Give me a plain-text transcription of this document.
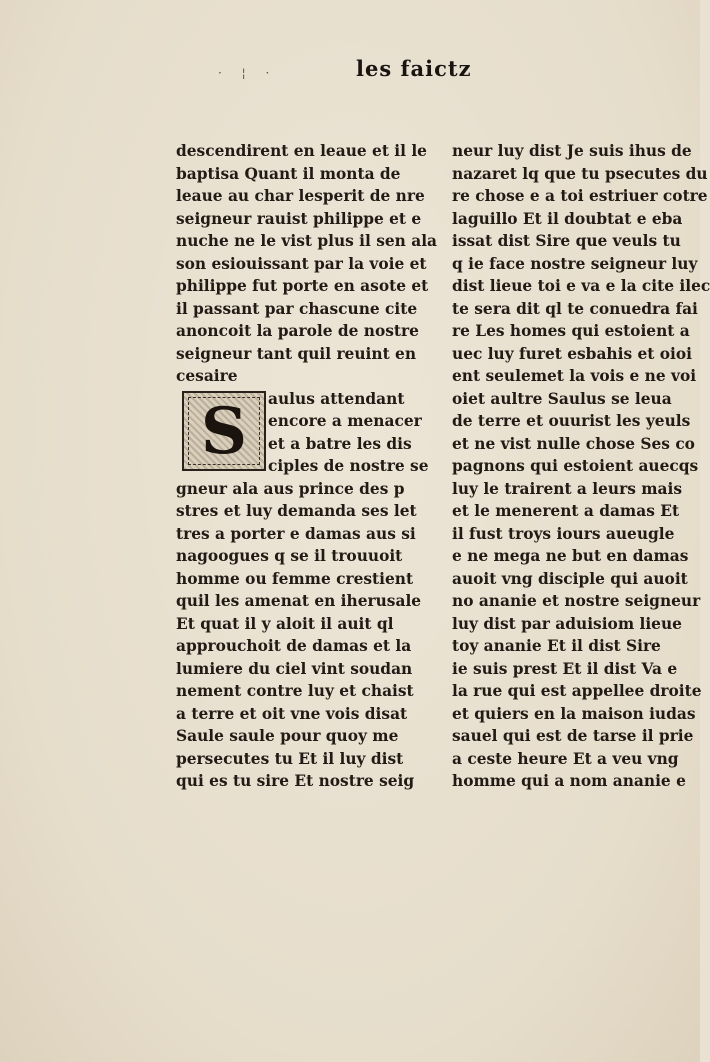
· ¦ ·	les faictz
descendirent en leaue et il le
baptisa Quant il monta de
leaue au char lesperit de nre
seigneur rauist philippe et e
nuche ne le vist plus il sen ala
son esiouissant par la voie et
philippe fut porte en asote et
il passant par chascune cite
anoncoit la parole de nostre
seigneur tant quil reuint en
cesaire
S	aulus attendant
encore a menacer
et a batre les dis
ciples de nostre se
gneur ala aus prince des p
stres et luy demanda ses let
tres a porter e damas aus si
nagoogues q se il trouuoit
homme ou femme crestient
quil les amenat en iherusale
Et quat il y aloit il auit ql
approuchoit de damas et la
lumiere du ciel vint soudan
nement contre luy et chaist
a terre et oit vne vois disat
Saule saule pour quoy me
persecutes tu Et il luy dist
qui es tu sire Et nostre seig
neur luy dist Je suis ihus de
nazaret lq que tu psecutes du
re chose e a toi estriuer cotre
laguillo Et il doubtat e eba
issat dist Sire que veuls tu
q ie face nostre seigneur luy
dist lieue toi e va e la cite ilec
te sera dit ql te conuedra fai
re Les homes qui estoient a
uec luy furet esbahis et oioi
ent seulemet la vois e ne voi
oiet aultre Saulus se leua
de terre et ouurist les yeuls
et ne vist nulle chose Ses co
pagnons qui estoient auecqs
luy le trairent a leurs mais
et le menerent a damas Et
il fust troys iours aueugle
e ne mega ne but en damas
auoit vng disciple qui auoit
no ananie et nostre seigneur
luy dist par aduisiom lieue
toy ananie Et il dist Sire
ie suis prest Et il dist Va e
la rue qui est appellee droite
et quiers en la maison iudas
sauel qui est de tarse il prie
a ceste heure Et a veu vng
homme qui a nom ananie e
